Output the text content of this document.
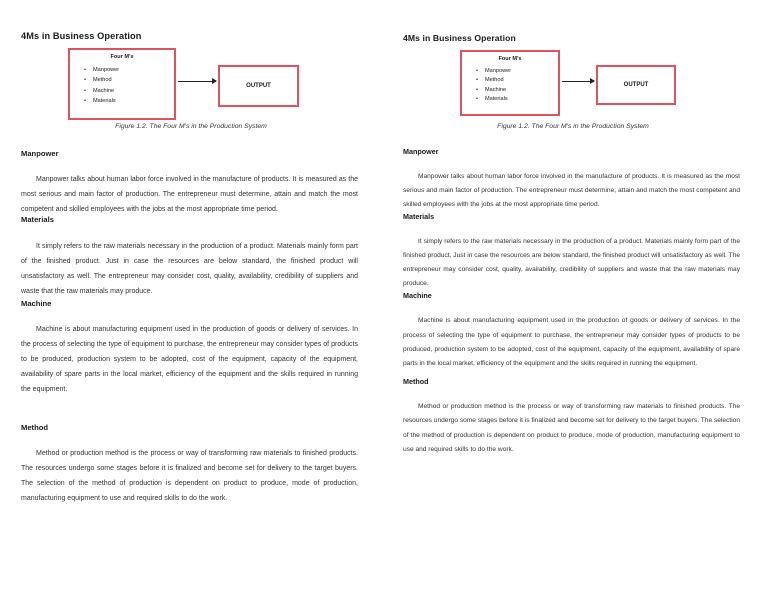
4Ms in Business Operation
Four M's
• Manpower
• Method
• Machine
• Materials
OUTPUT
Figure 1.2. The Four M's in the Production System
Manpower

Manpower talks about human labor force involved in the manufacture of products. It is measured as the most serious and main factor of production. The entrepreneur must determine, attain and match the most competent and skilled employees with the jobs at the most appropriate time period.

Materials

It simply refers to the raw materials necessary in the production of a product. Materials mainly form part of the finished product. Just in case the resources are below standard, the finished product will unsatisfactory as well. The entrepreneur may consider cost, quality, availability, credibility of suppliers and waste that the raw materials may produce.

Machine

Machine is about manufacturing equipment used in the production of goods or delivery of services. In the process of selecting the type of equipment to purchase, the entrepreneur may consider types of products to be produced, production system to be adopted, cost of the equipment, capacity of the equipment, availability of spare parts in the local market, efficiency of the equipment and the skills required in running the equipment.

Method

Method or production method is the process or way of transforming raw materials to finished products. The resources undergo some stages before it is finalized and become set for delivery to the target buyers. The selection of the method of production is dependent on product to produce, mode of production, manufacturing equipment to use and required skills to do the work.

4Ms in Business Operation
Four M's
• Manpower
• Method
• Machine
• Materials
OUTPUT
Figure 1.2. The Four M's in the Production System
Manpower

Manpower talks about human labor force involved in the manufacture of products. It is measured as the most serious and main factor of production. The entrepreneur must determine, attain and match the most competent and skilled employees with the jobs at the most appropriate time period.

Materials

It simply refers to the raw materials necessary in the production of a product. Materials mainly form part of the finished product. Just in case the resources are below standard, the finished product will unsatisfactory as well. The entrepreneur may consider cost, quality, availability, credibility of suppliers and waste that the raw materials may produce.

Machine

Machine is about manufacturing equipment used in the production of goods or delivery of services. In the process of selecting the type of equipment to purchase, the entrepreneur may consider types of products to be produced, production system to be adopted, cost of the equipment, capacity of the equipment, availability of spare parts in the local market, efficiency of the equipment and the skills required in running the equipment.

Method

Method or production method is the process or way of transforming raw materials to finished products. The resources undergo some stages before it is finalized and become set for delivery to the target buyers. The selection of the method of production is dependent on product to produce, mode of production, manufacturing equipment to use and required skills to do the work.
